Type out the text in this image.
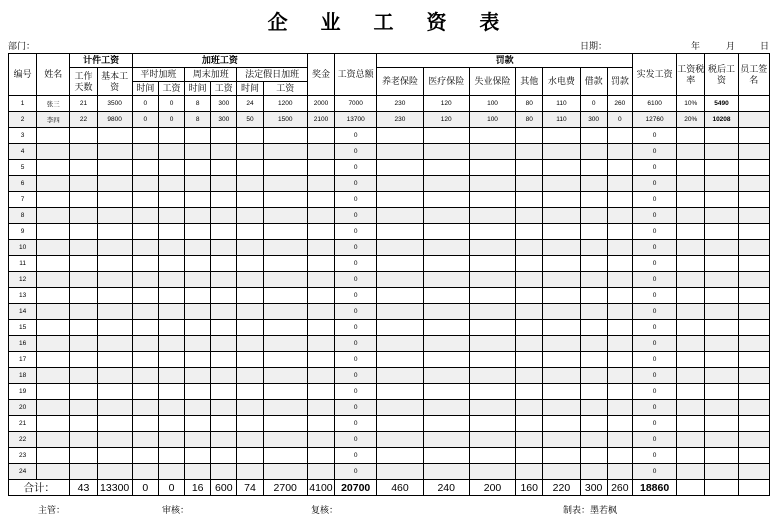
企 业 工 资 表
部门：	日期：	年	月	日
编号	姓名	计件工资		加班工资						奖金	工资总额	罚款							实发工资	工资税率	税后工资	员工签名
		工作天数	基本工资	平时加班		周末加班		法定假日加班				养老保险	医疗保险	失业保险	其他	水电费	借款	罚款				
				时间	工资	时间	工资	时间	工资													
1	张三	21	3500	0	0	8	300	24	1200	2000	7000	230	120	100	80	110	0	260	6100	10%	5490	
2	李四	22	9800	0	0	8	300	50	1500	2100	13700	230	120	100	80	110	300	0	12760	20%	10208	
3											0								0			
4											0								0			
5											0								0			
6											0								0			
7											0								0			
8											0								0			
9											0								0			
10											0								0			
11											0								0			
12											0								0			
13											0								0			
14											0								0			
15											0								0			
16											0								0			
17											0								0			
18											0								0			
19											0								0			
20											0								0			
21											0								0			
22											0								0			
23											0								0			
24											0								0			
合计：		43	13300	0	0	16	600	74	2700	4100	20700	460	240	200	160	220	300	260	18860			
主管：	审核：	复核：	制表：墨若枫
